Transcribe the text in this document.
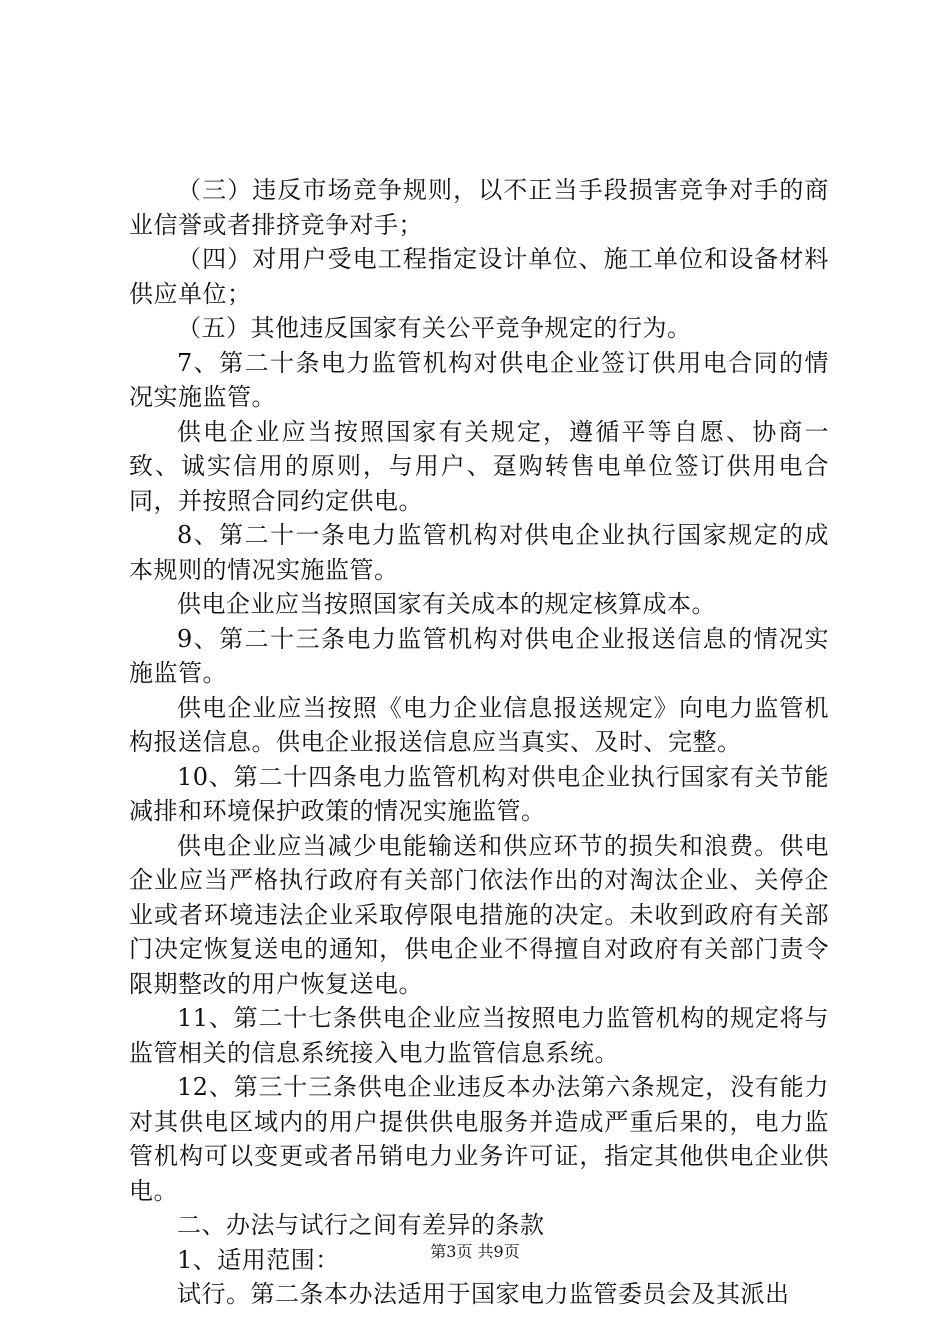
（三）违反市场竞争规则，以不正当手段损害竞争对手的商业信誉或者排挤竞争对手；

（四）对用户受电工程指定设计单位、施工单位和设备材料供应单位；

（五）其他违反国家有关公平竞争规定的行为。

7、第二十条电力监管机构对供电企业签订供用电合同的情况实施监管。

供电企业应当按照国家有关规定，遵循平等自愿、协商一致、诚实信用的原则，与用户、趸购转售电单位签订供用电合同，并按照合同约定供电。

8、第二十一条电力监管机构对供电企业执行国家规定的成本规则的情况实施监管。

供电企业应当按照国家有关成本的规定核算成本。

9、第二十三条电力监管机构对供电企业报送信息的情况实施监管。

供电企业应当按照《电力企业信息报送规定》向电力监管机构报送信息。供电企业报送信息应当真实、及时、完整。

10、第二十四条电力监管机构对供电企业执行国家有关节能减排和环境保护政策的情况实施监管。

供电企业应当减少电能输送和供应环节的损失和浪费。供电企业应当严格执行政府有关部门依法作出的对淘汰企业、关停企业或者环境违法企业采取停限电措施的决定。未收到政府有关部门决定恢复送电的通知，供电企业不得擅自对政府有关部门责令限期整改的用户恢复送电。

11、第二十七条供电企业应当按照电力监管机构的规定将与监管相关的信息系统接入电力监管信息系统。

12、第三十三条供电企业违反本办法第六条规定，没有能力对其供电区域内的用户提供供电服务并造成严重后果的，电力监管机构可以变更或者吊销电力业务许可证，指定其他供电企业供电。

二、办法与试行之间有差异的条款

1、适用范围：

试行。第二条本办法适用于国家电力监管委员会及其派出

第3页 共9页
